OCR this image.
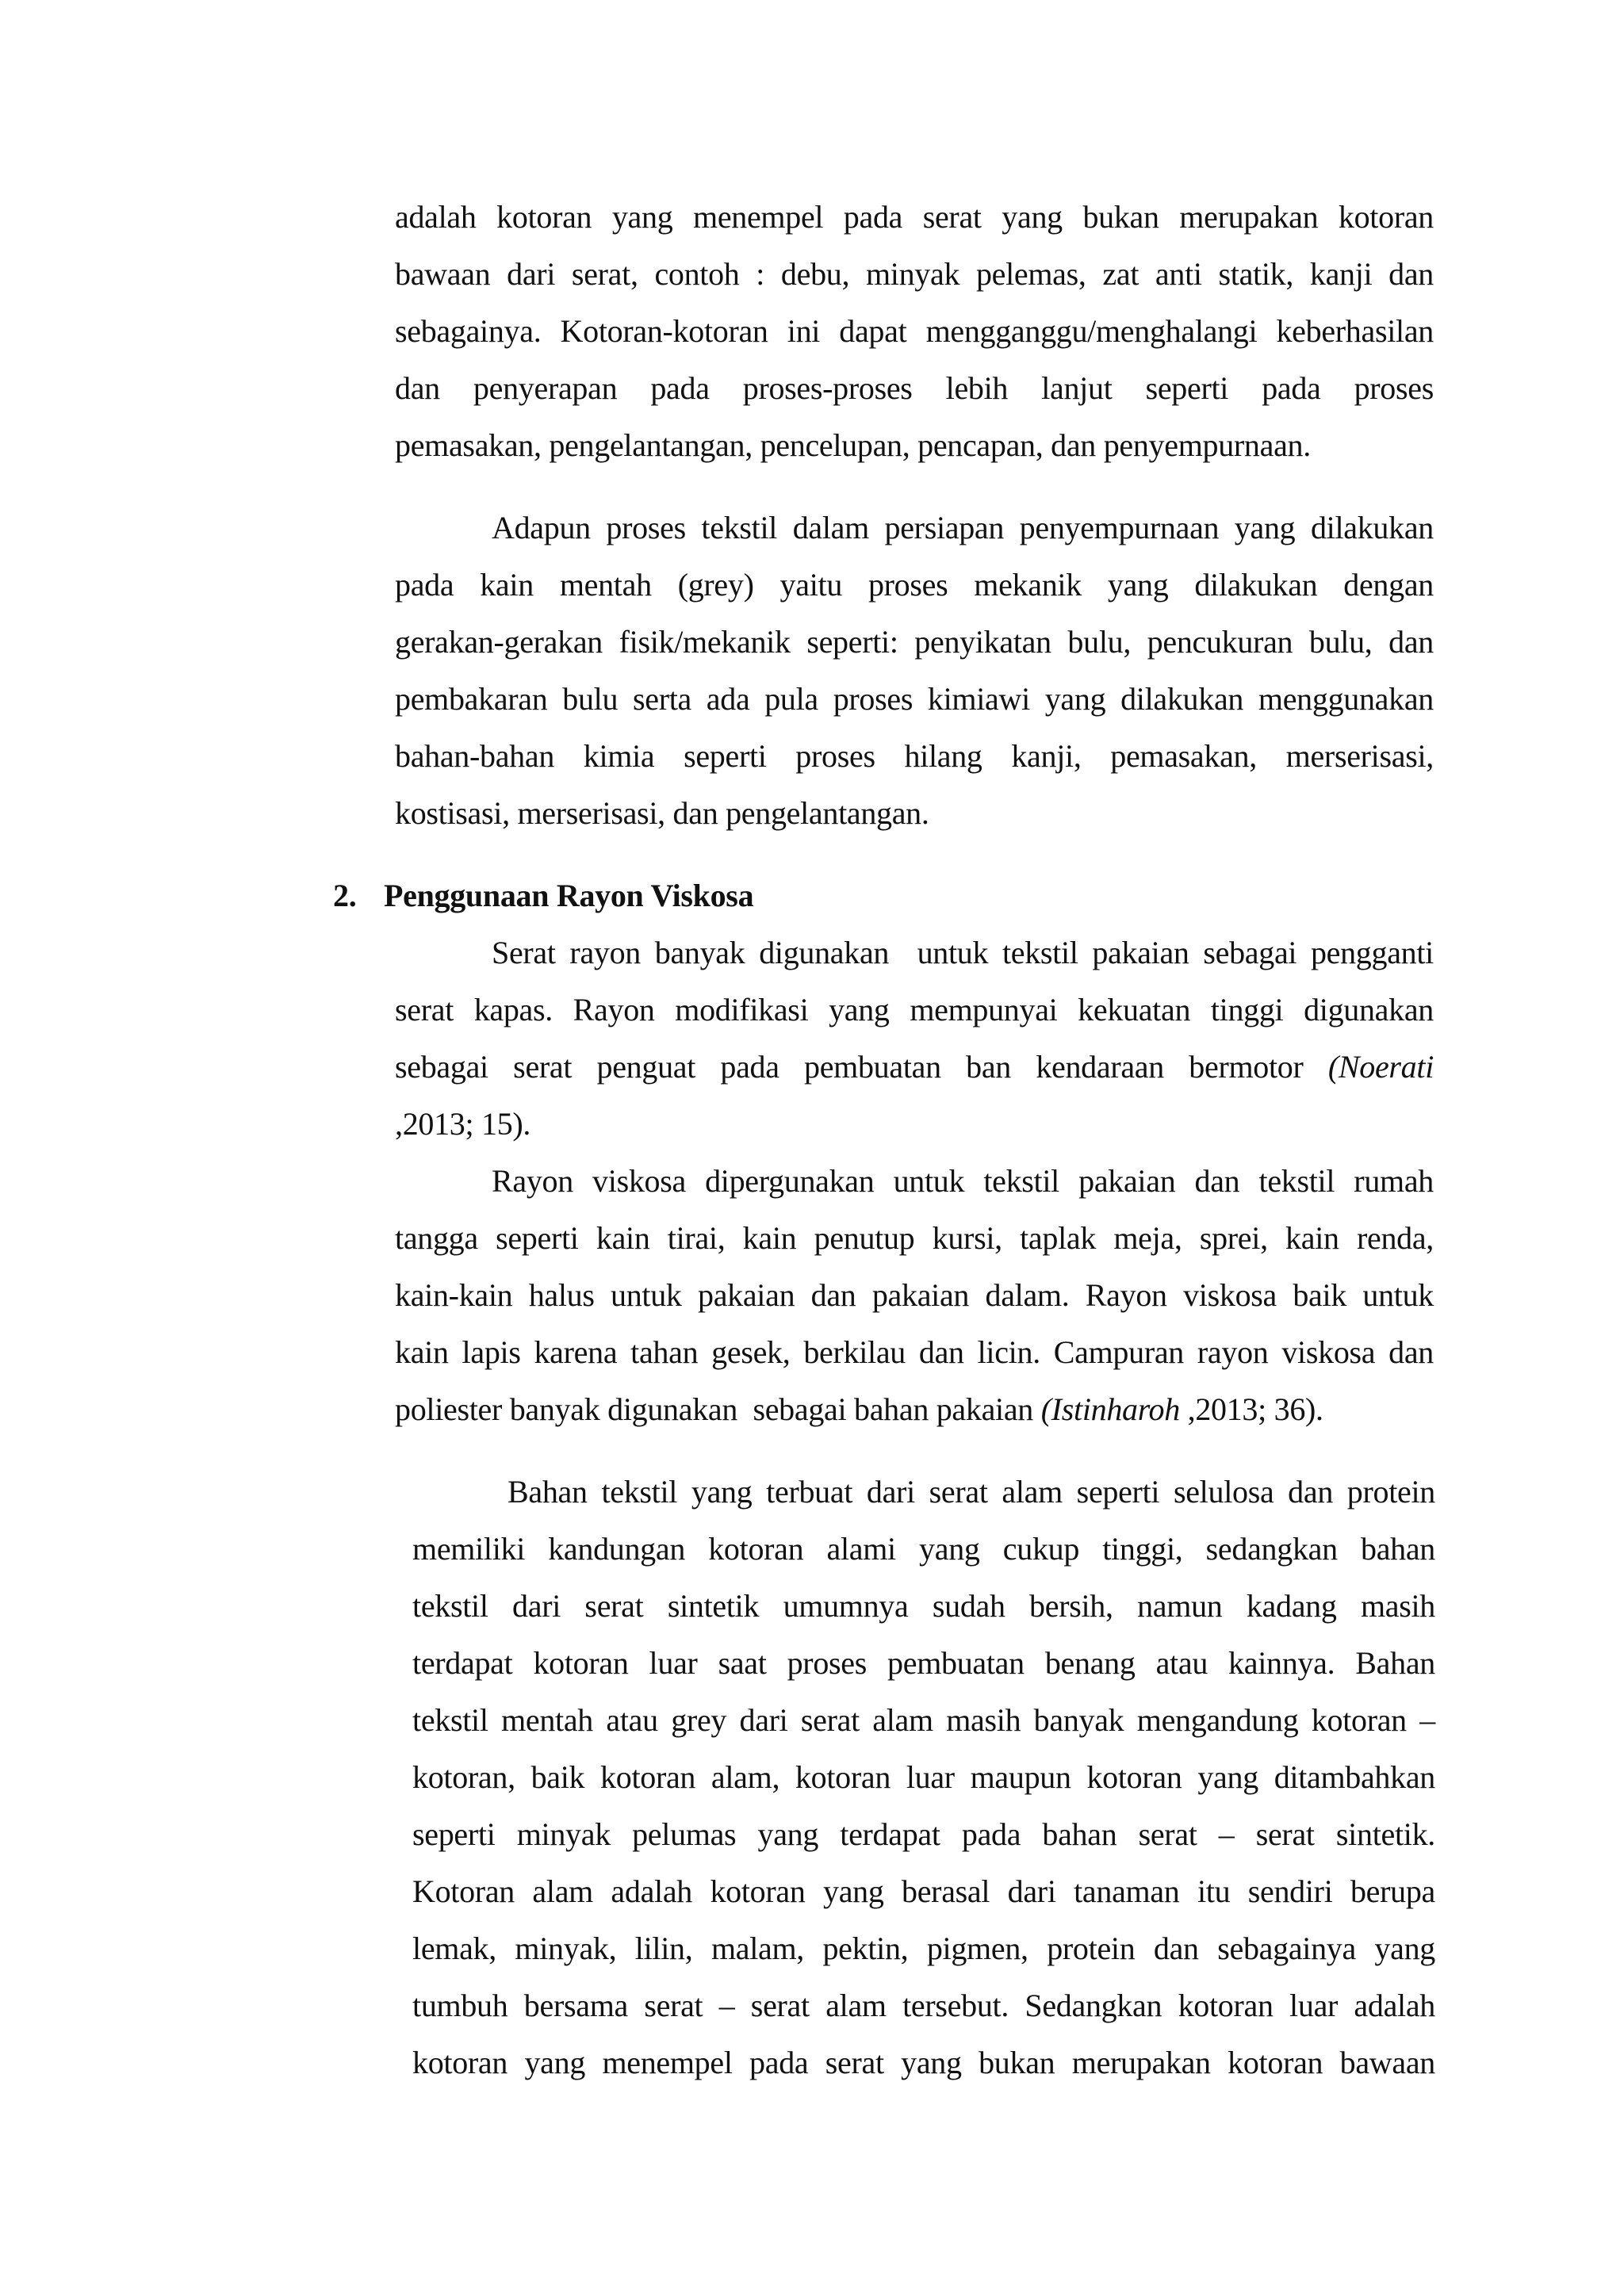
adalah kotoran yang menempel pada serat yang bukan merupakan kotoran
bawaan dari serat, contoh : debu, minyak pelemas, zat anti statik, kanji dan
sebagainya. Kotoran-kotoran ini dapat mengganggu/menghalangi keberhasilan
dan penyerapan pada proses-proses lebih lanjut seperti pada proses
pemasakan, pengelantangan, pencelupan, pencapan, dan penyempurnaan.
Adapun proses tekstil dalam persiapan penyempurnaan yang dilakukan
pada kain mentah (grey) yaitu proses mekanik yang dilakukan dengan
gerakan-gerakan fisik/mekanik seperti: penyikatan bulu, pencukuran bulu, dan
pembakaran bulu serta ada pula proses kimiawi yang dilakukan menggunakan
bahan-bahan kimia seperti proses hilang kanji, pemasakan, merserisasi,
kostisasi, merserisasi, dan pengelantangan.
2. Penggunaan Rayon Viskosa
Serat rayon banyak digunakan  untuk tekstil pakaian sebagai pengganti
serat kapas. Rayon modifikasi yang mempunyai kekuatan tinggi digunakan
sebagai serat penguat pada pembuatan ban kendaraan bermotor (Noerati
,2013; 15).
Rayon viskosa dipergunakan untuk tekstil pakaian dan tekstil rumah
tangga seperti kain tirai, kain penutup kursi, taplak meja, sprei, kain renda,
kain-kain halus untuk pakaian dan pakaian dalam. Rayon viskosa baik untuk
kain lapis karena tahan gesek, berkilau dan licin. Campuran rayon viskosa dan
poliester banyak digunakan  sebagai bahan pakaian (Istinharoh ,2013; 36).
Bahan tekstil yang terbuat dari serat alam seperti selulosa dan protein
memiliki kandungan kotoran alami yang cukup tinggi, sedangkan bahan
tekstil dari serat sintetik umumnya sudah bersih, namun kadang masih
terdapat kotoran luar saat proses pembuatan benang atau kainnya. Bahan
tekstil mentah atau grey dari serat alam masih banyak mengandung kotoran –
kotoran, baik kotoran alam, kotoran luar maupun kotoran yang ditambahkan
seperti minyak pelumas yang terdapat pada bahan serat – serat sintetik.
Kotoran alam adalah kotoran yang berasal dari tanaman itu sendiri berupa
lemak, minyak, lilin, malam, pektin, pigmen, protein dan sebagainya yang
tumbuh bersama serat – serat alam tersebut. Sedangkan kotoran luar adalah
kotoran yang menempel pada serat yang bukan merupakan kotoran bawaan
